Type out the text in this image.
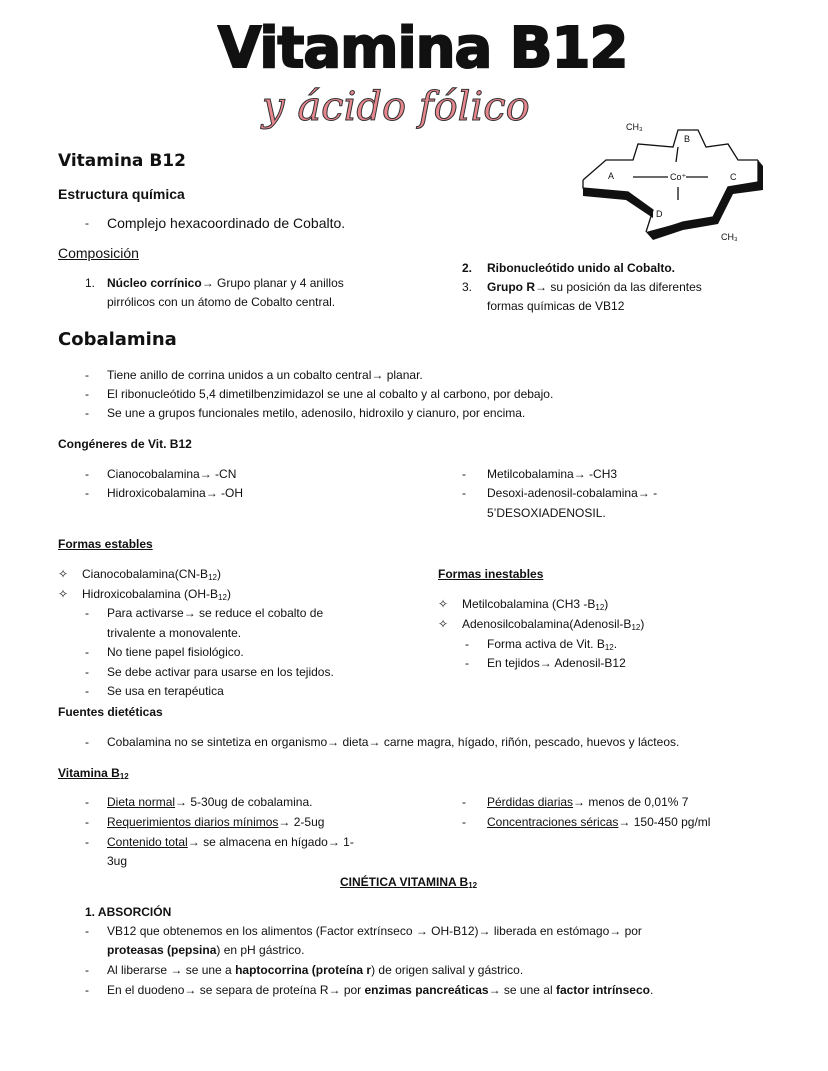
Vitamina B12
y ácido fólico	CH₃
B
A	C
D
Co⁺
CH₃
Vitamina B12
Estructura química
- Complejo hexacoordinado de Cobalto.
Composición
1. Núcleo corrínico→ Grupo planar y 4 anillos
pirrólicos con un átomo de Cobalto central.
2. Ribonucleótido unido al Cobalto.
3. Grupo R→ su posición da las diferentes
formas químicas de VB12
Cobalamina
- Tiene anillo de corrina unidos a un cobalto central→ planar.
- El ribonucleótido 5,4 dimetilbenzimidazol se une al cobalto y al carbono, por debajo.
- Se une a grupos funcionales metilo, adenosilo, hidroxilo y cianuro, por encima.
Congéneres de Vit. B12
- Cianocobalamina→ -CN
- Hidroxicobalamina→ -OH
- Metilcobalamina→ -CH3
- Desoxi-adenosil-cobalamina→ -
5’DESOXIADENOSIL.
Formas estables
✧ $Cianocobalamina(CN-B_{12})$
✧ Hidroxicobalamina $(OH-B_{12})$
- Para activarse→ se reduce el cobalto de
trivalente a monovalente.
- No tiene papel fisiológico.
- Se debe activar para usarse en los tejidos.
- Se usa en terapéutica
Formas inestables
✧ Metilcobalamina (CH3 $-B_{12}$)
✧ $Adenosilcobalamina(Adenosil-B_{12})$
- Forma activa de Vit. $B_{12}$.
- En tejidos→ Adenosil-B12
Fuentes dietéticas
- Cobalamina no se sintetiza en organismo→ dieta→ carne magra, hígado, riñón, pescado, huevos y lácteos.
Vitamina $B_{12}$
- Dieta normal→ 5-30ug de cobalamina.
- Requerimientos diarios mínimos→ 2-5ug
- Contenido total→ se almacena en hígado→ 1-
3ug
- Pérdidas diarias→ menos de 0,01% 7
- Concentraciones séricas→ 150-450 pg/ml
CINÉTICA VITAMINA $B_{12}$
1. ABSORCIÓN
- VB12 que obtenemos en los alimentos (Factor extrínseco → OH-B12)→ liberada en estómago→ por
proteasas (pepsina) en pH gástrico.
- Al liberarse → se une a haptocorrina (proteína r) de origen salival y gástrico.
- En el duodeno→ se separa de proteína R→ por enzimas pancreáticas→ se une al factor intrínseco.
